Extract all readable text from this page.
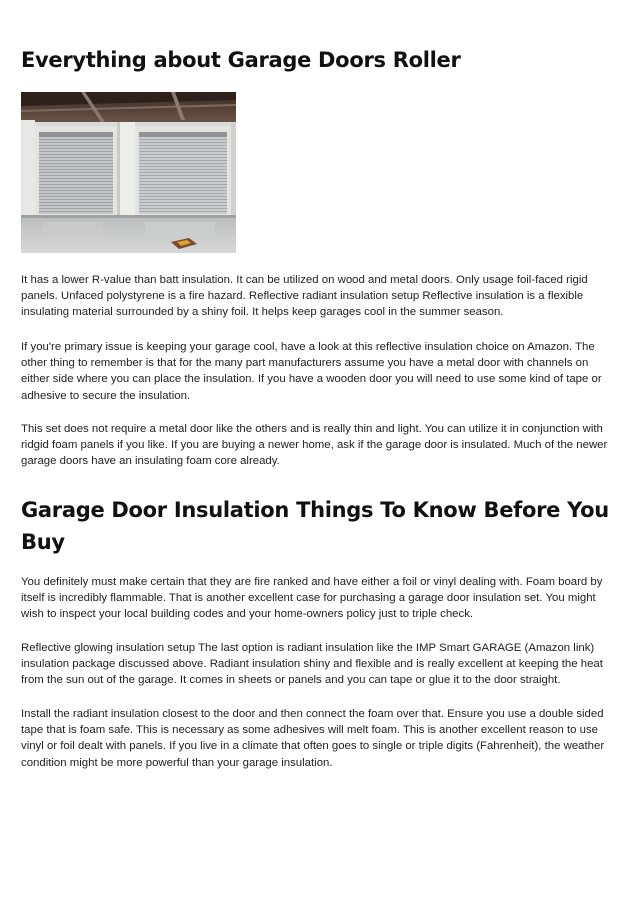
Everything about Garage Doors Roller

It has a lower R-value than batt insulation. It can be utilized on wood and metal doors. Only usage foil-faced rigid panels. Unfaced polystyrene is a fire hazard. Reflective radiant insulation setup Reflective insulation is a flexible insulating material surrounded by a shiny foil. It helps keep garages cool in the summer season.

If you're primary issue is keeping your garage cool, have a look at this reflective insulation choice on Amazon. The other thing to remember is that for the many part manufacturers assume you have a metal door with channels on either side where you can place the insulation. If you have a wooden door you will need to use some kind of tape or adhesive to secure the insulation.

This set does not require a metal door like the others and is really thin and light. You can utilize it in conjunction with ridgid foam panels if you like. If you are buying a newer home, ask if the garage door is insulated. Much of the newer garage doors have an insulating foam core already.

Garage Door Insulation Things To Know Before You Buy

You definitely must make certain that they are fire ranked and have either a foil or vinyl dealing with. Foam board by itself is incredibly flammable. That is another excellent case for purchasing a garage door insulation set. You might wish to inspect your local building codes and your home-owners policy just to triple check.

Reflective glowing insulation setup The last option is radiant insulation like the IMP Smart GARAGE (Amazon link) insulation package discussed above. Radiant insulation shiny and flexible and is really excellent at keeping the heat from the sun out of the garage. It comes in sheets or panels and you can tape or glue it to the door straight.

Install the radiant insulation closest to the door and then connect the foam over that. Ensure you use a double sided tape that is foam safe. This is necessary as some adhesives will melt foam. This is another excellent reason to use vinyl or foil dealt with panels. If you live in a climate that often goes to single or triple digits (Fahrenheit), the weather condition might be more powerful than your garage insulation.
